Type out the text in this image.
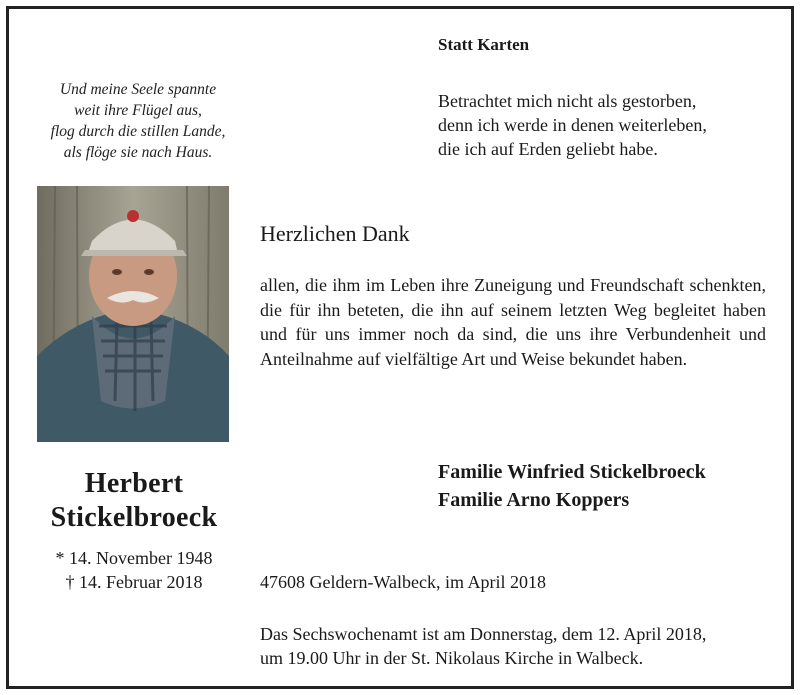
Und meine Seele spannte
weit ihre Flügel aus,
flog durch die stillen Lande,
als flöge sie nach Haus.
Herbert
Stickelbroeck
* 14. November 1948
† 14. Februar 2018
Statt Karten
Betrachtet mich nicht als gestorben,
denn ich werde in denen weiterleben,
die ich auf Erden geliebt habe.
Herzlichen Dank
allen, die ihm im Leben ihre Zuneigung und Freundschaft schenkten, die für ihn beteten, die ihn auf seinem letzten Weg begleitet haben und für uns immer noch da sind, die uns ihre Verbundenheit und Anteilnahme auf vielfältige Art und Weise bekundet haben.
Familie Winfried Stickelbroeck
Familie Arno Koppers
47608 Geldern-Walbeck, im April 2018
Das Sechswochenamt ist am Donnerstag, dem 12. April 2018,
um 19.00 Uhr in der St. Nikolaus Kirche in Walbeck.
